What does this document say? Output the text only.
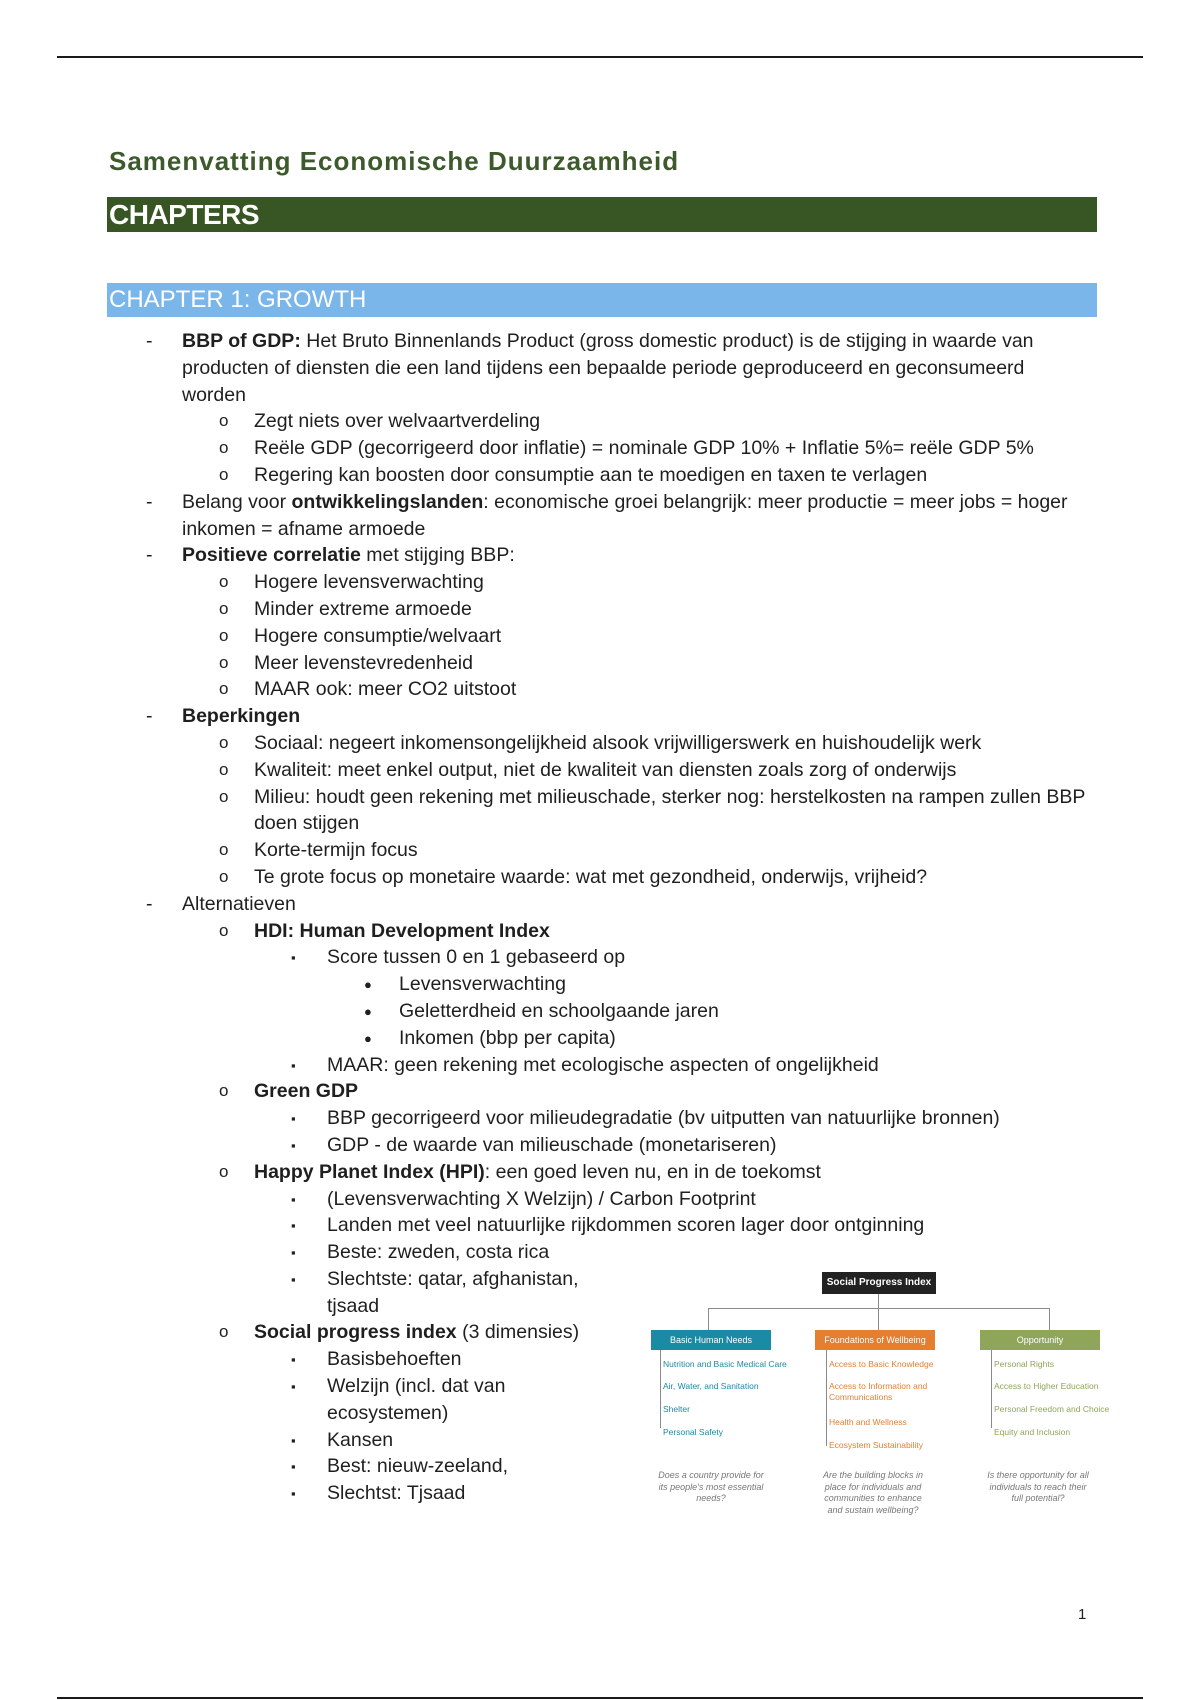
Samenvatting Economische Duurzaamheid
CHAPTERS
CHAPTER 1: GROWTH
- BBP of GDP: Het Bruto Binnenlands Product (gross domestic product) is de stijging in waarde van producten of diensten die een land tijdens een bepaalde periode geproduceerd en geconsumeerd worden
o Zegt niets over welvaartverdeling
o Reële GDP (gecorrigeerd door inflatie) = nominale GDP 10% + Inflatie 5%= reële GDP 5%
o Regering kan boosten door consumptie aan te moedigen en taxen te verlagen
- Belang voor ontwikkelingslanden: economische groei belangrijk: meer productie = meer jobs = hoger inkomen = afname armoede
- Positieve correlatie met stijging BBP:
o Hogere levensverwachting
o Minder extreme armoede
o Hogere consumptie/welvaart
o Meer levenstevredenheid
o MAAR ook: meer CO2 uitstoot
- Beperkingen
o Sociaal: negeert inkomensongelijkheid alsook vrijwilligerswerk en huishoudelijk werk
o Kwaliteit: meet enkel output, niet de kwaliteit van diensten zoals zorg of onderwijs
o Milieu: houdt geen rekening met milieuschade, sterker nog: herstelkosten na rampen zullen BBP doen stijgen
o Korte-termijn focus
o Te grote focus op monetaire waarde: wat met gezondheid, onderwijs, vrijheid?
- Alternatieven
o HDI: Human Development Index
▪ Score tussen 0 en 1 gebaseerd op
● Levensverwachting
● Geletterdheid en schoolgaande jaren
● Inkomen (bbp per capita)
▪ MAAR: geen rekening met ecologische aspecten of ongelijkheid
o Green GDP
▪ BBP gecorrigeerd voor milieudegradatie (bv uitputten van natuurlijke bronnen)
▪ GDP - de waarde van milieuschade (monetariseren)
o Happy Planet Index (HPI): een goed leven nu, en in de toekomst
▪ (Levensverwachting X Welzijn) / Carbon Footprint
▪ Landen met veel natuurlijke rijkdommen scoren lager door ontginning
▪ Beste: zweden, costa rica
▪ Slechtste: qatar, afghanistan, tjsaad
o Social progress index (3 dimensies)
▪ Basisbehoeften
▪ Welzijn (incl. dat van ecosystemen)
▪ Kansen
▪ Best: nieuw-zeeland,
▪ Slechtst: Tjsaad
Social Progress Index
Basic Human Needs
Nutrition and Basic Medical Care
Air, Water, and Sanitation
Shelter
Personal Safety
Does a country provide for its people's most essential needs?
Foundations of Wellbeing
Access to Basic Knowledge
Access to Information and Communications
Health and Wellness
Ecosystem Sustainability
Are the building blocks in place for individuals and communities to enhance and sustain wellbeing?
Opportunity
Personal Rights
Access to Higher Education
Personal Freedom and Choice
Equity and Inclusion
Is there opportunity for all individuals to reach their full potential?
1
